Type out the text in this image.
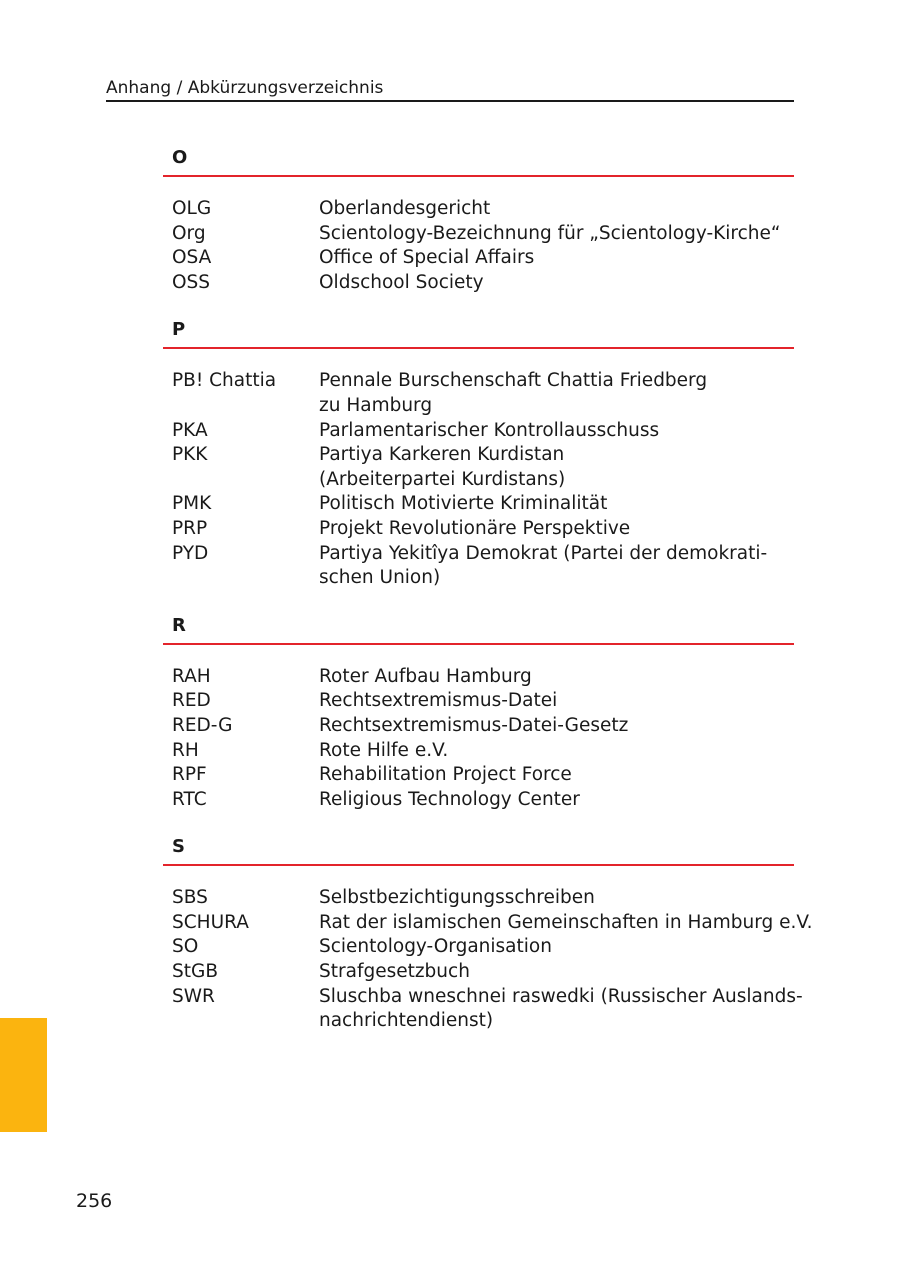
Anhang / Abkürzungsverzeichnis
O
OLG	Oberlandesgericht
Org	Scientology-Bezeichnung für „Scientology-Kirche“
OSA	Office of Special Affairs
OSS	Oldschool Society
P
PB! Chattia	Pennale Burschenschaft Chattia Friedberg
zu Hamburg
PKA	Parlamentarischer Kontrollausschuss
PKK	Partiya Karkeren Kurdistan
(Arbeiterpartei Kurdistans)
PMK	Politisch Motivierte Kriminalität
PRP	Projekt Revolutionäre Perspektive
PYD	Partiya Yekitîya Demokrat (Partei der demokrati-
schen Union)
R
RAH	Roter Aufbau Hamburg
RED	Rechtsextremismus-Datei
RED-G	Rechtsextremismus-Datei-Gesetz
RH	Rote Hilfe e.V.
RPF	Rehabilitation Project Force
RTC	Religious Technology Center
S
SBS	Selbstbezichtigungsschreiben
SCHURA	Rat der islamischen Gemeinschaften in Hamburg e.V.
SO	Scientology-Organisation
StGB	Strafgesetzbuch
SWR	Sluschba wneschnei raswedki (Russischer Auslands-
nachrichtendienst)
256
